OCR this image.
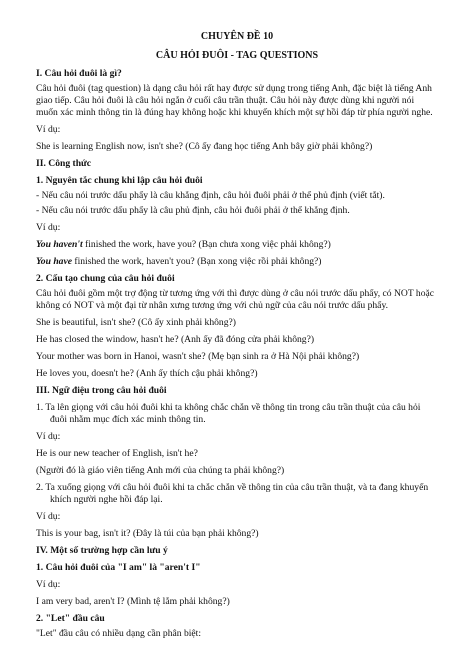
CHUYÊN ĐỀ 10

CÂU HỎI ĐUÔI - TAG QUESTIONS

I. Câu hỏi đuôi là gì?

Câu hỏi đuôi (tag question) là dạng câu hỏi rất hay được sử dụng trong tiếng Anh, đặc biệt là tiếng Anh giao tiếp. Câu hỏi đuôi là câu hỏi ngắn ở cuối câu trần thuật. Câu hỏi này được dùng khi người nói muốn xác minh thông tin là đúng hay không hoặc khi khuyến khích một sự hồi đáp từ phía người nghe.

Ví dụ:

She is learning English now, isn't she? (Cô ấy đang học tiếng Anh bây giờ phải không?)

II. Công thức

1. Nguyên tắc chung khi lập câu hỏi đuôi

- Nếu câu nói trước dấu phẩy là câu khẳng định, câu hỏi đuôi phải ở thể phủ định (viết tắt).

- Nếu câu nói trước dấu phẩy là câu phủ định, câu hỏi đuôi phải ở thể khẳng định.

Ví dụ:

You haven't finished the work, have you? (Bạn chưa xong việc phải không?)

You have finished the work, haven't you? (Bạn xong việc rồi phải không?)

2. Cấu tạo chung của câu hỏi đuôi

Câu hỏi đuôi gồm một trợ động từ tương ứng với thì được dùng ở câu nói trước dấu phẩy, có NOT hoặc không có NOT và một đại từ nhân xưng tương ứng với chủ ngữ của câu nói trước dấu phẩy.

She is beautiful, isn't she? (Cô ấy xinh phải không?)

He has closed the window, hasn't he? (Anh ấy đã đóng cửa phải không?)

Your mother was born in Hanoi, wasn't she? (Mẹ bạn sinh ra ở Hà Nội phải không?)

He loves you, doesn't he? (Anh ấy thích cậu phải không?)

III. Ngữ điệu trong câu hỏi đuôi

1. Ta lên giọng với câu hỏi đuôi khi ta không chắc chắn về thông tin trong câu trần thuật của câu hỏi đuôi nhằm mục đích xác minh thông tin.

Ví dụ:

He is our new teacher of English, isn't he?

(Người đó là giáo viên tiếng Anh mới của chúng ta phải không?)

2. Ta xuống giọng với câu hỏi đuôi khi ta chắc chắn về thông tin của câu trần thuật, và ta đang khuyến khích người nghe hồi đáp lại.

Ví dụ:

This is your bag, isn't it? (Đây là túi của bạn phải không?)

IV. Một số trường hợp cần lưu ý

1. Câu hỏi đuôi của "I am" là "aren't I"

Ví dụ:

I am very bad, aren't I? (Mình tệ lắm phải không?)

2. "Let" đầu câu

"Let" đầu câu có nhiều dạng cần phân biệt:
